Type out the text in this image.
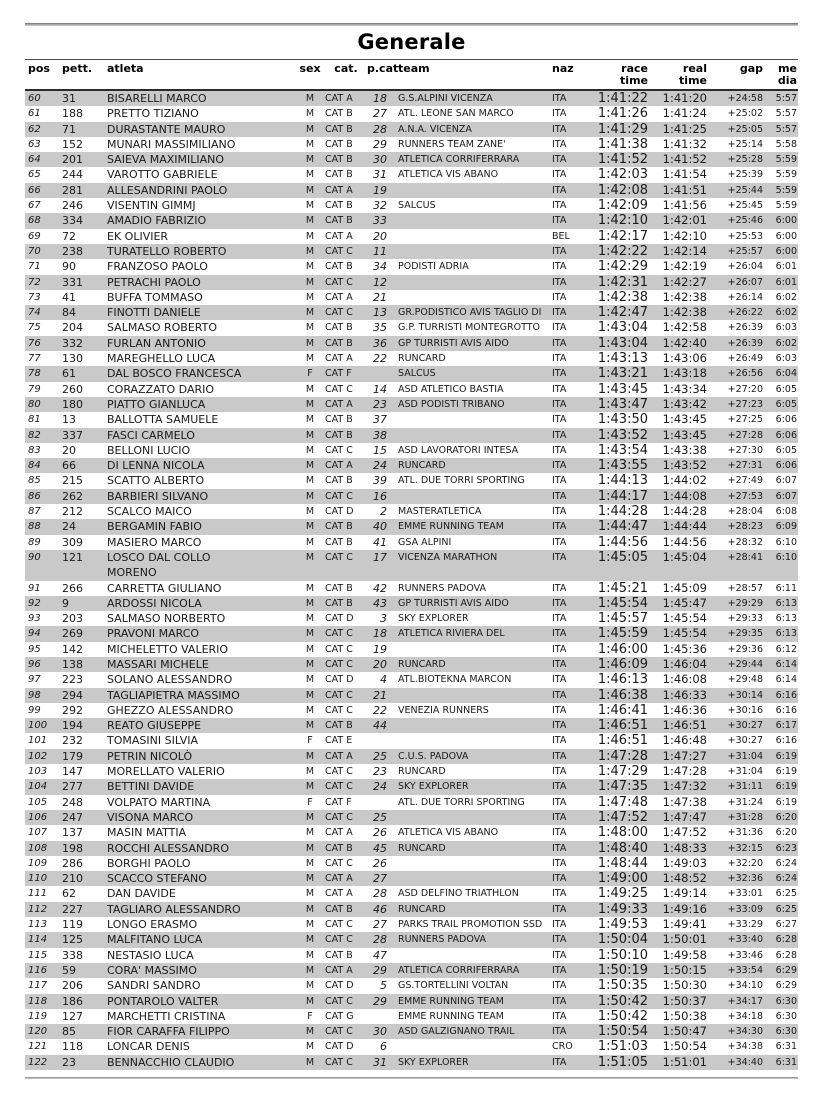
Generale
pos	pett.	atleta	sex	cat.	p.cat	team	naz	race time	real time	gap	media
60	31	BISARELLI MARCO	M	CAT A	18	G.S.ALPINI VICENZA	ITA	1:41:22	1:41:20	+24:58	5:57
61	188	PRETTO TIZIANO	M	CAT B	27	ATL. LEONE SAN MARCO	ITA	1:41:26	1:41:24	+25:02	5:57
62	71	DURASTANTE MAURO	M	CAT B	28	A.N.A. VICENZA	ITA	1:41:29	1:41:25	+25:05	5:57
63	152	MUNARI MASSIMILIANO	M	CAT B	29	RUNNERS TEAM ZANE'	ITA	1:41:38	1:41:32	+25:14	5:58
64	201	SAIEVA MAXIMILIANO	M	CAT B	30	ATLETICA CORRIFERRARA	ITA	1:41:52	1:41:52	+25:28	5:59
65	244	VAROTTO GABRIELE	M	CAT B	31	ATLETICA VIS ABANO	ITA	1:42:03	1:41:54	+25:39	5:59
66	281	ALLESANDRINI PAOLO	M	CAT A	19		ITA	1:42:08	1:41:51	+25:44	5:59
67	246	VISENTIN GIMMJ	M	CAT B	32	SALCUS	ITA	1:42:09	1:41:56	+25:45	5:59
68	334	AMADIO FABRIZIO	M	CAT B	33		ITA	1:42:10	1:42:01	+25:46	6:00
69	72	EK OLIVIER	M	CAT A	20		BEL	1:42:17	1:42:10	+25:53	6:00
70	238	TURATELLO ROBERTO	M	CAT C	11		ITA	1:42:22	1:42:14	+25:57	6:00
71	90	FRANZOSO PAOLO	M	CAT B	34	PODISTI ADRIA	ITA	1:42:29	1:42:19	+26:04	6:01
72	331	PETRACHI PAOLO	M	CAT C	12		ITA	1:42:31	1:42:27	+26:07	6:01
73	41	BUFFA TOMMASO	M	CAT A	21		ITA	1:42:38	1:42:38	+26:14	6:02
74	84	FINOTTI DANIELE	M	CAT C	13	GR.PODISTICO AVIS TAGLIO DI	ITA	1:42:47	1:42:38	+26:22	6:02
75	204	SALMASO ROBERTO	M	CAT B	35	G.P. TURRISTI MONTEGROTTO	ITA	1:43:04	1:42:58	+26:39	6:03
76	332	FURLAN ANTONIO	M	CAT B	36	GP TURRISTI AVIS AIDO	ITA	1:43:04	1:42:40	+26:39	6:02
77	130	MAREGHELLO LUCA	M	CAT A	22	RUNCARD	ITA	1:43:13	1:43:06	+26:49	6:03
78	61	DAL BOSCO FRANCESCA	F	CAT F		SALCUS	ITA	1:43:21	1:43:18	+26:56	6:04
79	260	CORAZZATO DARIO	M	CAT C	14	ASD ATLETICO BASTIA	ITA	1:43:45	1:43:34	+27:20	6:05
80	180	PIATTO GIANLUCA	M	CAT A	23	ASD PODISTI TRIBANO	ITA	1:43:47	1:43:42	+27:23	6:05
81	13	BALLOTTA SAMUELE	M	CAT B	37		ITA	1:43:50	1:43:45	+27:25	6:06
82	337	FASCI CARMELO	M	CAT B	38		ITA	1:43:52	1:43:45	+27:28	6:06
83	20	BELLONI LUCIO	M	CAT C	15	ASD LAVORATORI INTESA	ITA	1:43:54	1:43:38	+27:30	6:05
84	66	DI LENNA NICOLA	M	CAT A	24	RUNCARD	ITA	1:43:55	1:43:52	+27:31	6:06
85	215	SCATTO ALBERTO	M	CAT B	39	ATL. DUE TORRI SPORTING	ITA	1:44:13	1:44:02	+27:49	6:07
86	262	BARBIERI SILVANO	M	CAT C	16		ITA	1:44:17	1:44:08	+27:53	6:07
87	212	SCALCO MAICO	M	CAT D	2	MASTERATLETICA	ITA	1:44:28	1:44:28	+28:04	6:08
88	24	BERGAMIN FABIO	M	CAT B	40	EMME RUNNING TEAM	ITA	1:44:47	1:44:44	+28:23	6:09
89	309	MASIERO MARCO	M	CAT B	41	GSA ALPINI	ITA	1:44:56	1:44:56	+28:32	6:10
90	121	LOSCO DAL COLLO MORENO	M	CAT C	17	VICENZA MARATHON	ITA	1:45:05	1:45:04	+28:41	6:10
91	266	CARRETTA GIULIANO	M	CAT B	42	RUNNERS PADOVA	ITA	1:45:21	1:45:09	+28:57	6:11
92	9	ARDOSSI NICOLA	M	CAT B	43	GP TURRISTI AVIS AIDO	ITA	1:45:54	1:45:47	+29:29	6:13
93	203	SALMASO NORBERTO	M	CAT D	3	SKY EXPLORER	ITA	1:45:57	1:45:54	+29:33	6:13
94	269	PRAVONI MARCO	M	CAT C	18	ATLETICA RIVIERA DEL	ITA	1:45:59	1:45:54	+29:35	6:13
95	142	MICHELETTO VALERIO	M	CAT C	19		ITA	1:46:00	1:45:36	+29:36	6:12
96	138	MASSARI MICHELE	M	CAT C	20	RUNCARD	ITA	1:46:09	1:46:04	+29:44	6:14
97	223	SOLANO ALESSANDRO	M	CAT D	4	ATL.BIOTEKNA MARCON	ITA	1:46:13	1:46:08	+29:48	6:14
98	294	TAGLIAPIETRA MASSIMO	M	CAT C	21		ITA	1:46:38	1:46:33	+30:14	6:16
99	292	GHEZZO ALESSANDRO	M	CAT C	22	VENEZIA RUNNERS	ITA	1:46:41	1:46:36	+30:16	6:16
100	194	REATO GIUSEPPE	M	CAT B	44		ITA	1:46:51	1:46:51	+30:27	6:17
101	232	TOMASINI SILVIA	F	CAT E			ITA	1:46:51	1:46:48	+30:27	6:16
102	179	PETRIN NICOLÒ	M	CAT A	25	C.U.S. PADOVA	ITA	1:47:28	1:47:27	+31:04	6:19
103	147	MORELLATO VALERIO	M	CAT C	23	RUNCARD	ITA	1:47:29	1:47:28	+31:04	6:19
104	277	BETTINI DAVIDE	M	CAT C	24	SKY EXPLORER	ITA	1:47:35	1:47:32	+31:11	6:19
105	248	VOLPATO MARTINA	F	CAT F		ATL. DUE TORRI SPORTING	ITA	1:47:48	1:47:38	+31:24	6:19
106	247	VISONA MARCO	M	CAT C	25		ITA	1:47:52	1:47:47	+31:28	6:20
107	137	MASIN MATTIA	M	CAT A	26	ATLETICA VIS ABANO	ITA	1:48:00	1:47:52	+31:36	6:20
108	198	ROCCHI ALESSANDRO	M	CAT B	45	RUNCARD	ITA	1:48:40	1:48:33	+32:15	6:23
109	286	BORGHI PAOLO	M	CAT C	26		ITA	1:48:44	1:49:03	+32:20	6:24
110	210	SCACCO STEFANO	M	CAT A	27		ITA	1:49:00	1:48:52	+32:36	6:24
111	62	DAN DAVIDE	M	CAT A	28	ASD DELFINO TRIATHLON	ITA	1:49:25	1:49:14	+33:01	6:25
112	227	TAGLIARO ALESSANDRO	M	CAT B	46	RUNCARD	ITA	1:49:33	1:49:16	+33:09	6:25
113	119	LONGO ERASMO	M	CAT C	27	PARKS TRAIL PROMOTION SSD	ITA	1:49:53	1:49:41	+33:29	6:27
114	125	MALFITANO LUCA	M	CAT C	28	RUNNERS PADOVA	ITA	1:50:04	1:50:01	+33:40	6:28
115	338	NESTASIO LUCA	M	CAT B	47		ITA	1:50:10	1:49:58	+33:46	6:28
116	59	CORA' MASSIMO	M	CAT A	29	ATLETICA CORRIFERRARA	ITA	1:50:19	1:50:15	+33:54	6:29
117	206	SANDRI SANDRO	M	CAT D	5	GS.TORTELLINI VOLTAN	ITA	1:50:35	1:50:30	+34:10	6:29
118	186	PONTAROLO VALTER	M	CAT C	29	EMME RUNNING TEAM	ITA	1:50:42	1:50:37	+34:17	6:30
119	127	MARCHETTI CRISTINA	F	CAT G		EMME RUNNING TEAM	ITA	1:50:42	1:50:38	+34:18	6:30
120	85	FIOR CARAFFA FILIPPO	M	CAT C	30	ASD GALZIGNANO TRAIL	ITA	1:50:54	1:50:47	+34:30	6:30
121	118	LONCAR DENIS	M	CAT D	6		CRO	1:51:03	1:50:54	+34:38	6:31
122	23	BENNACCHIO CLAUDIO	M	CAT C	31	SKY EXPLORER	ITA	1:51:05	1:51:01	+34:40	6:31
